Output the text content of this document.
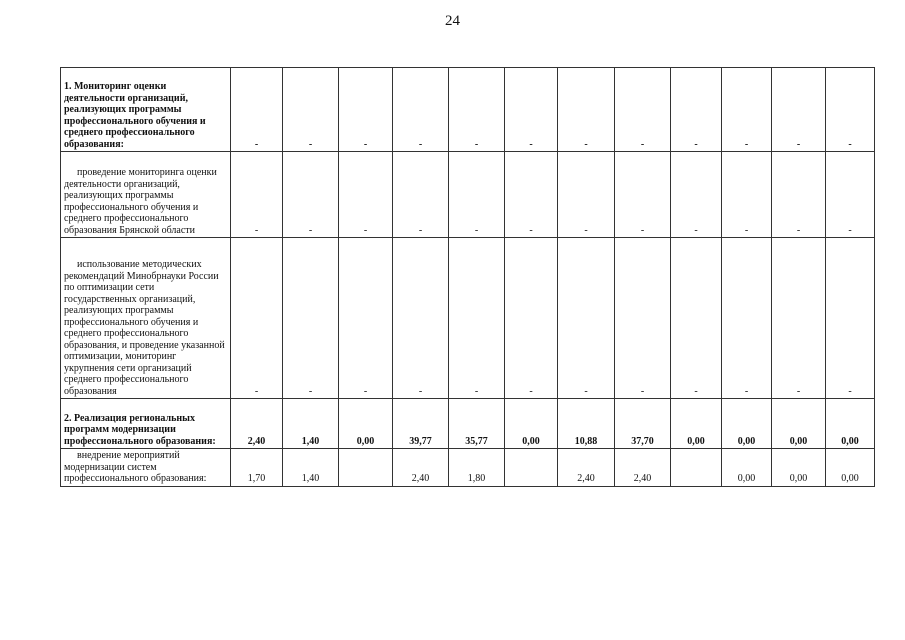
24
1. Мониторинг оценки деятельности организаций, реализующих программы профессионального обучения и среднего профессионального образования:	-	-	-	-	-	-	-	-	-	-	-	-
проведение мониторинга оценки деятельности организаций, реализующих программы профессионального обучения и среднего профессионального образования Брянской области	-	-	-	-	-	-	-	-	-	-	-	-
использование методических рекомендаций Минобрнауки России по оптимизации сети государственных организаций, реализующих программы профессионального обучения и среднего профессионального образования, и проведение указанной оптимизации, мониторинг укрупнения сети организаций среднего профессионального образования	-	-	-	-	-	-	-	-	-	-	-	-
2. Реализация региональных программ модернизации профессионального образования:	2,40	1,40	0,00	39,77	35,77	0,00	10,88	37,70	0,00	0,00	0,00	0,00
внедрение мероприятий модернизации систем профессионального образования:	1,70	1,40		2,40	1,80		2,40	2,40		0,00	0,00	0,00
